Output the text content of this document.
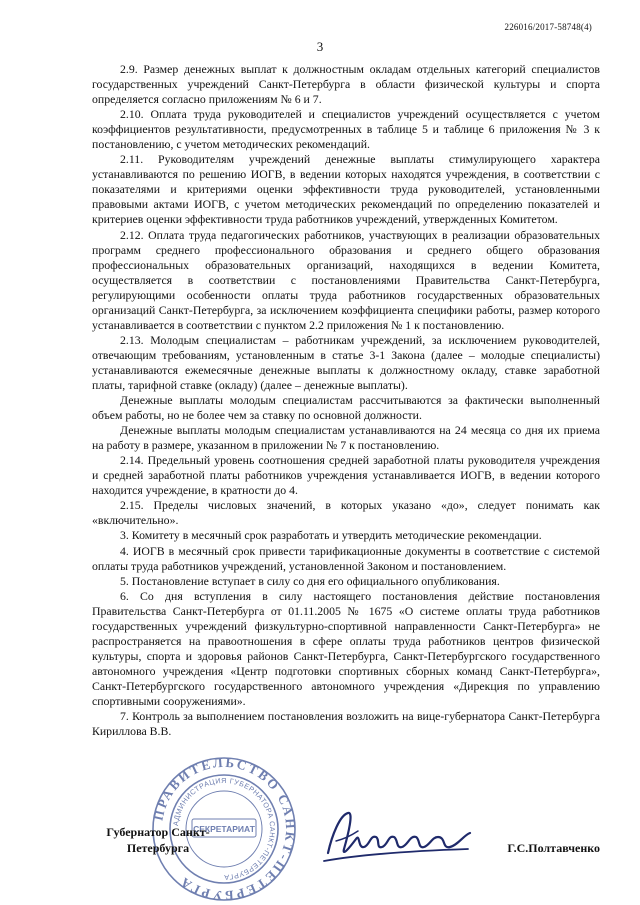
226016/2017-58748(4)
3

2.9. Размер денежных выплат к должностным окладам отдельных категорий специалистов государственных учреждений Санкт-Петербурга в области физической культуры и спорта определяется согласно приложениям № 6 и 7.

2.10. Оплата труда руководителей и специалистов учреждений осуществляется с учетом коэффициентов результативности, предусмотренных в таблице 5 и таблице 6 приложения № 3 к постановлению, с учетом методических рекомендаций.

2.11. Руководителям учреждений денежные выплаты стимулирующего характера устанавливаются по решению ИОГВ, в ведении которых находятся учреждения, в соответствии с показателями и критериями оценки эффективности труда руководителей, установленными правовыми актами ИОГВ, с учетом методических рекомендаций по определению показателей и критериев оценки эффективности труда работников учреждений, утвержденных Комитетом.

2.12. Оплата труда педагогических работников, участвующих в реализации образовательных программ среднего профессионального образования и среднего общего образования профессиональных образовательных организаций, находящихся в ведении Комитета, осуществляется в соответствии с постановлениями Правительства Санкт-Петербурга, регулирующими особенности оплаты труда работников государственных образовательных организаций Санкт-Петербурга, за исключением коэффициента специфики работы, размер которого устанавливается в соответствии с пунктом 2.2 приложения № 1 к постановлению.

2.13. Молодым специалистам – работникам учреждений, за исключением руководителей, отвечающим требованиям, установленным в статье 3-1 Закона (далее – молодые специалисты) устанавливаются ежемесячные денежные выплаты к должностному окладу, ставке заработной платы, тарифной ставке (окладу) (далее – денежные выплаты).

Денежные выплаты молодым специалистам рассчитываются за фактически выполненный объем работы, но не более чем за ставку по основной должности.

Денежные выплаты молодым специалистам устанавливаются на 24 месяца со дня их приема на работу в размере, указанном в приложении № 7 к постановлению.

2.14. Предельный уровень соотношения средней заработной платы руководителя учреждения и средней заработной платы работников учреждения устанавливается ИОГВ, в ведении которого находится учреждение, в кратности до 4.

2.15. Пределы числовых значений, в которых указано «до», следует понимать как «включительно».

3. Комитету в месячный срок разработать и утвердить методические рекомендации.

4. ИОГВ в месячный срок привести тарификационные документы в соответствие с системой оплаты труда работников учреждений, установленной Законом и постановлением.

5. Постановление вступает в силу со дня его официального опубликования.

6. Со дня вступления в силу настоящего постановления действие постановления Правительства Санкт-Петербурга от 01.11.2005 № 1675 «О системе оплаты труда работников государственных учреждений физкультурно-спортивной направленности Санкт-Петербурга» не распространяется на правоотношения в сфере оплаты труда работников центров физической культуры, спорта и здоровья районов Санкт-Петербурга, Санкт-Петербургского государственного автономного учреждения «Центр подготовки спортивных сборных команд Санкт-Петербурга», Санкт-Петербургского государственного автономного учреждения «Дирекция по управлению спортивными сооружениями».

7. Контроль за выполнением постановления возложить на вице-губернатора Санкт-Петербурга Кириллова В.В.

ПРАВИТЕЛЬСТВО САНКТ-ПЕТЕРБУРГА
АДМИНИСТРАЦИЯ ГУБЕРНАТОРА САНКТ-ПЕТЕРБУРГА
СЕКРЕТАРИАТ
Губернатор Санкт-Петербурга	Г.С.Полтавченко
